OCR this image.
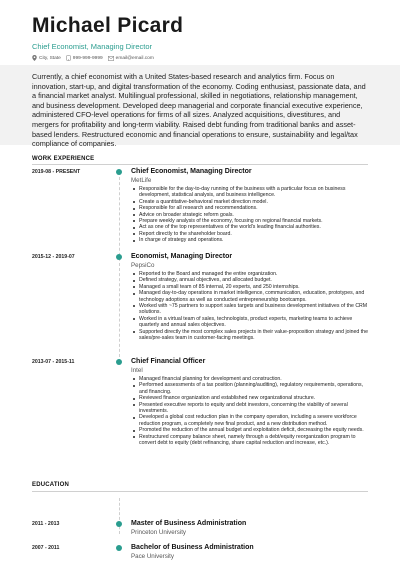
Michael Picard
Chief Economist, Managing Director
City, State	999-999-9999	email@email.com
Currently, a chief economist with a United States-based research and analytics firm. Focus on innovation, start-up, and digital transformation of the economy. Coding enthusiast, passionate data, and a financial market analyst. Multilingual professional, skilled in negotiations, relationship management, and business development. Developed deep managerial and corporate financial executive experience, administered CFO-level operations for firms of all sizes. Analyzed acquisitions, divestitures, and mergers for profitability and long-term viability. Raised debt funding from traditional banks and asset-based lenders. Restructured economic and financial operations to ensure, sustainability and legal/tax compliance of companies.
WORK EXPERIENCE
2019-08 - PRESENT	Chief Economist, Managing Director
MetLife
Responsible for the day-to-day running of the business with a particular focus on business development, statistical analysis, and business intelligence.
Create a quantitative-behavioral market direction model.
Responsible for all research and recommendations.
Advice on broader strategic reform goals.
Prepare weekly analysis of the economy, focusing on regional financial markets.
Act as one of the top representatives of the world's leading financial authorities.
Report directly to the shareholder board.
In charge of strategy and operations.
2015-12 - 2019-07	Economist, Managing Director
PepsiCo
Reported to the Board and managed the entire organization.
Defined strategy, annual objectives, and allocated budget.
Managed a small team of 85 internal, 20 experts, and 250 internships.
Managed day-to-day operations in market intelligence, communication, education, prototypes, and technology adoptions as well as conducted entrepreneurship bootcamps.
Worked with ~75 partners to support sales targets and business development initiatives of the CRM solutions.
Worked in a virtual team of sales, technologists, product experts, marketing teams to achieve quarterly and annual sales objectives.
Supported directly the most complex sales projects in their value-proposition strategy and joined the sales/pre-sales team in customer-facing meetings.
2013-07 - 2015-11	Chief Financial Officer
Intel
Managed financial planning for development and construction.
Performed assessments of a tax position (planning/auditing), regulatory requirements, operations, and financing.
Reviewed finance organization and established new organizational structure.
Presented executive reports to equity and debt investors, concerning the viability of several investments.
Developed a global cost reduction plan in the company operation, including a severe workforce reduction program, a completely new final product, and a new distribution method.
Promoted the reduction of the annual budget and exploitation deficit, decreasing the equity needs.
Restructured company balance sheet, namely through a debt/equity reorganization program to convert debt to equity (debt refinancing, share capital reduction and increase, etc.).
EDUCATION
2011 - 2013	Master of Business Administration
Princeton University
2007 - 2011	Bachelor of Business Administration
Pace University
